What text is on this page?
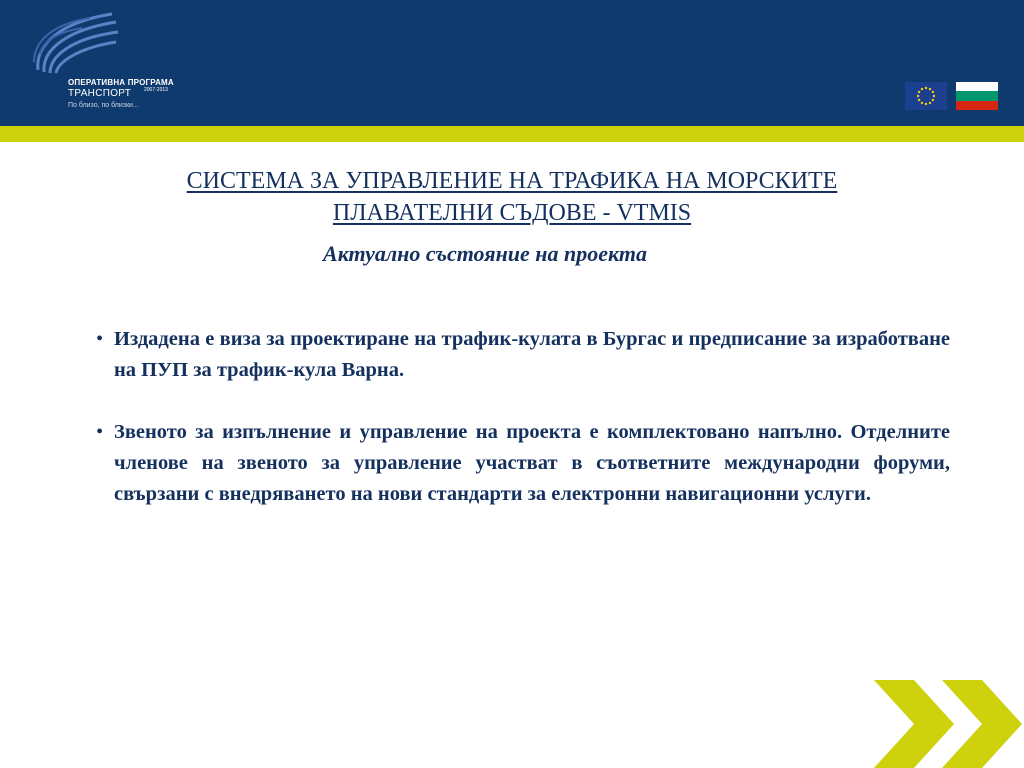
ОПЕРАТИВНА ПРОГРАМА
ТРАНСПОРТ	2007-2013
По близо, по близки...
СИСТЕМА ЗА УПРАВЛЕНИЕ НА ТРАФИКА НА МОРСКИТЕ
ПЛАВАТЕЛНИ СЪДОВЕ - VTMIS
Актуално състояние на проекта
• Издадена е виза за проектиране на трафик-кулата в Бургас и предписание за изработване на ПУП за трафик-кула Варна.
• Звеното за изпълнение и управление на проекта е комплектовано напълно. Отделните членове на звеното за управление участват в съответните международни форуми, свързани с внедряването на нови стандарти за електронни навигационни услуги.
